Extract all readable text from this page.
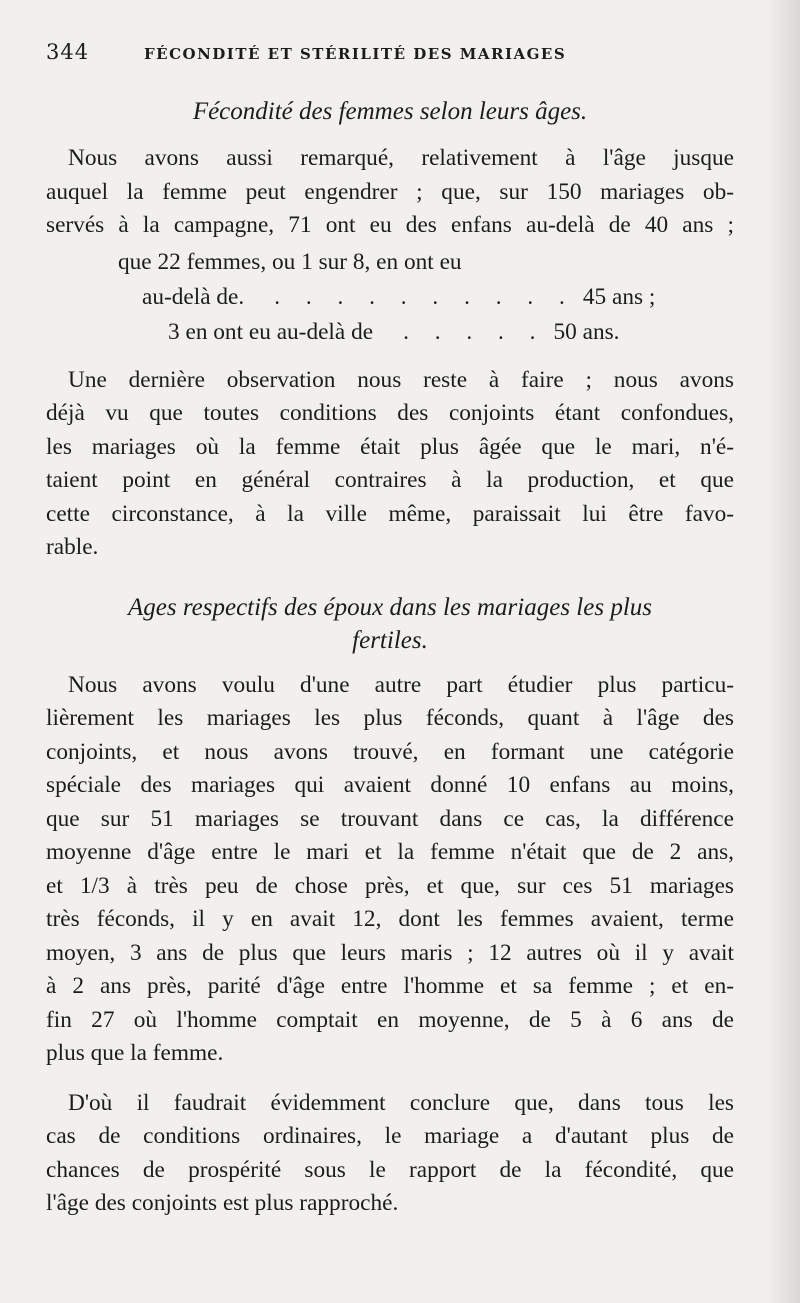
344	FÉCONDITÉ ET STÉRILITÉ DES MARIAGES
Fécondité des femmes selon leurs âges.
Nous avons aussi remarqué, relativement à l'âge jusque
auquel la femme peut engendrer ; que, sur 150 mariages ob-
servés à la campagne, 71 ont eu des enfans au-delà de 40 ans ;
que 22 femmes, ou 1 sur 8, en ont eu
au-delà de. . . . . . . . . . . 45 ans ;
3 en ont eu au-delà de . . . . . 50 ans.
Une dernière observation nous reste à faire ; nous avons
déjà vu que toutes conditions des conjoints étant confondues,
les mariages où la femme était plus âgée que le mari, n'é-
taient point en général contraires à la production, et que
cette circonstance, à la ville même, paraissait lui être favo-
rable.
Ages respectifs des époux dans les mariages les plus
fertiles.
Nous avons voulu d'une autre part étudier plus particu-
lièrement les mariages les plus féconds, quant à l'âge des
conjoints, et nous avons trouvé, en formant une catégorie
spéciale des mariages qui avaient donné 10 enfans au moins,
que sur 51 mariages se trouvant dans ce cas, la différence
moyenne d'âge entre le mari et la femme n'était que de 2 ans,
et 1/3 à très peu de chose près, et que, sur ces 51 mariages
très féconds, il y en avait 12, dont les femmes avaient, terme
moyen, 3 ans de plus que leurs maris ; 12 autres où il y avait
à 2 ans près, parité d'âge entre l'homme et sa femme ; et en-
fin 27 où l'homme comptait en moyenne, de 5 à 6 ans de
plus que la femme.
D'où il faudrait évidemment conclure que, dans tous les
cas de conditions ordinaires, le mariage a d'autant plus de
chances de prospérité sous le rapport de la fécondité, que
l'âge des conjoints est plus rapproché.
